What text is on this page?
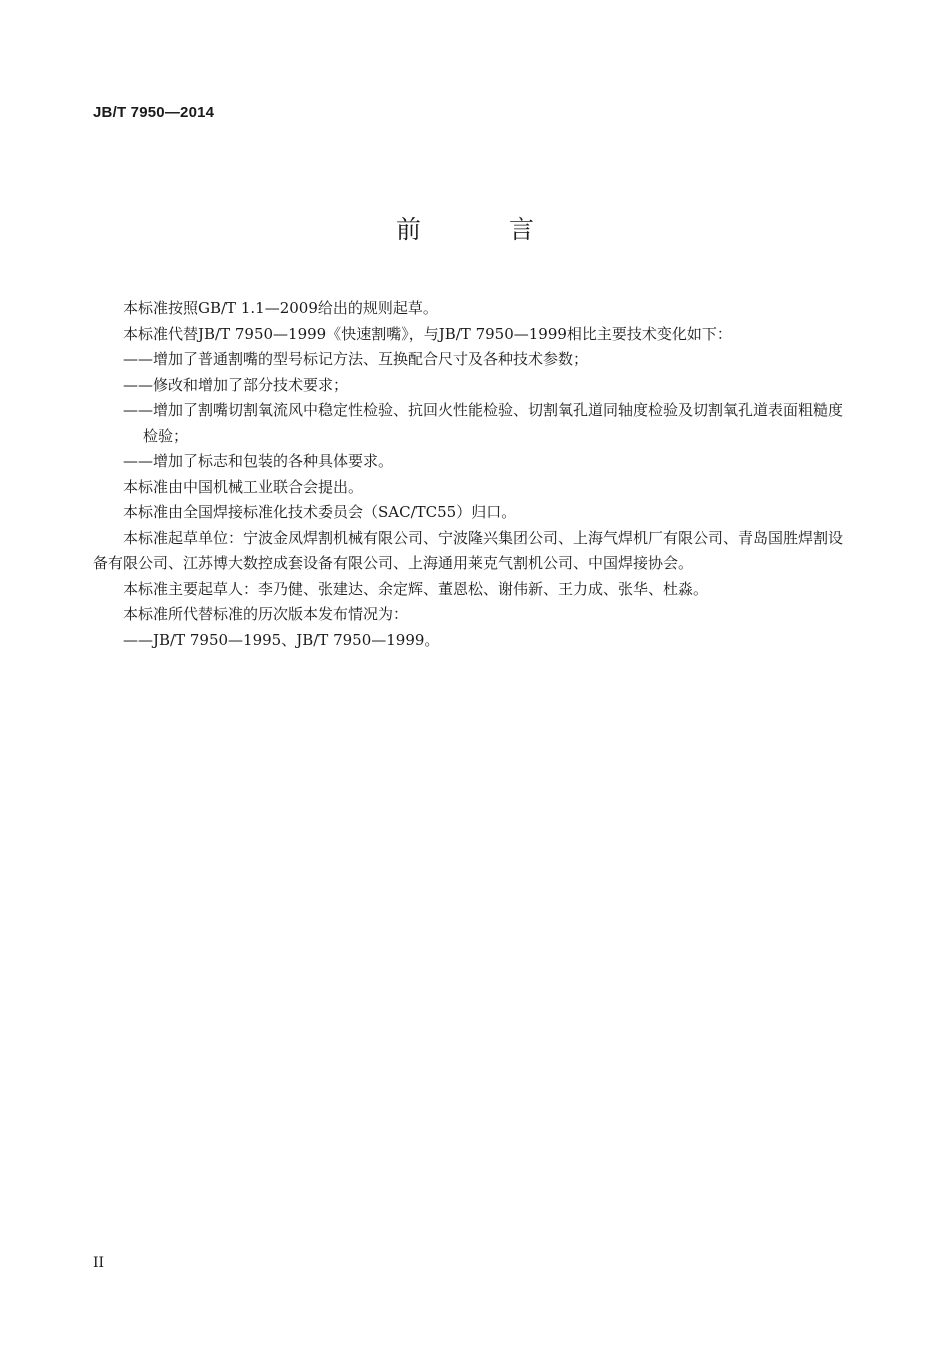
JB/T 7950—2014
前 言

本标准按照GB/T 1.1—2009给出的规则起草。

本标准代替JB/T 7950—1999《快速割嘴》，与JB/T 7950—1999相比主要技术变化如下：

——增加了普通割嘴的型号标记方法、互换配合尺寸及各种技术参数；

——修改和增加了部分技术要求；

——增加了割嘴切割氧流风中稳定性检验、抗回火性能检验、切割氧孔道同轴度检验及切割氧孔道表面粗糙度检验；

——增加了标志和包装的各种具体要求。

本标准由中国机械工业联合会提出。

本标准由全国焊接标准化技术委员会（SAC/TC55）归口。

本标准起草单位：宁波金凤焊割机械有限公司、宁波隆兴集团公司、上海气焊机厂有限公司、青岛国胜焊割设备有限公司、江苏博大数控成套设备有限公司、上海通用莱克气割机公司、中国焊接协会。

本标准主要起草人：李乃健、张建达、余定辉、董恩松、谢伟新、王力成、张华、杜淼。

本标准所代替标准的历次版本发布情况为：

——JB/T 7950—1995、JB/T 7950—1999。

II
